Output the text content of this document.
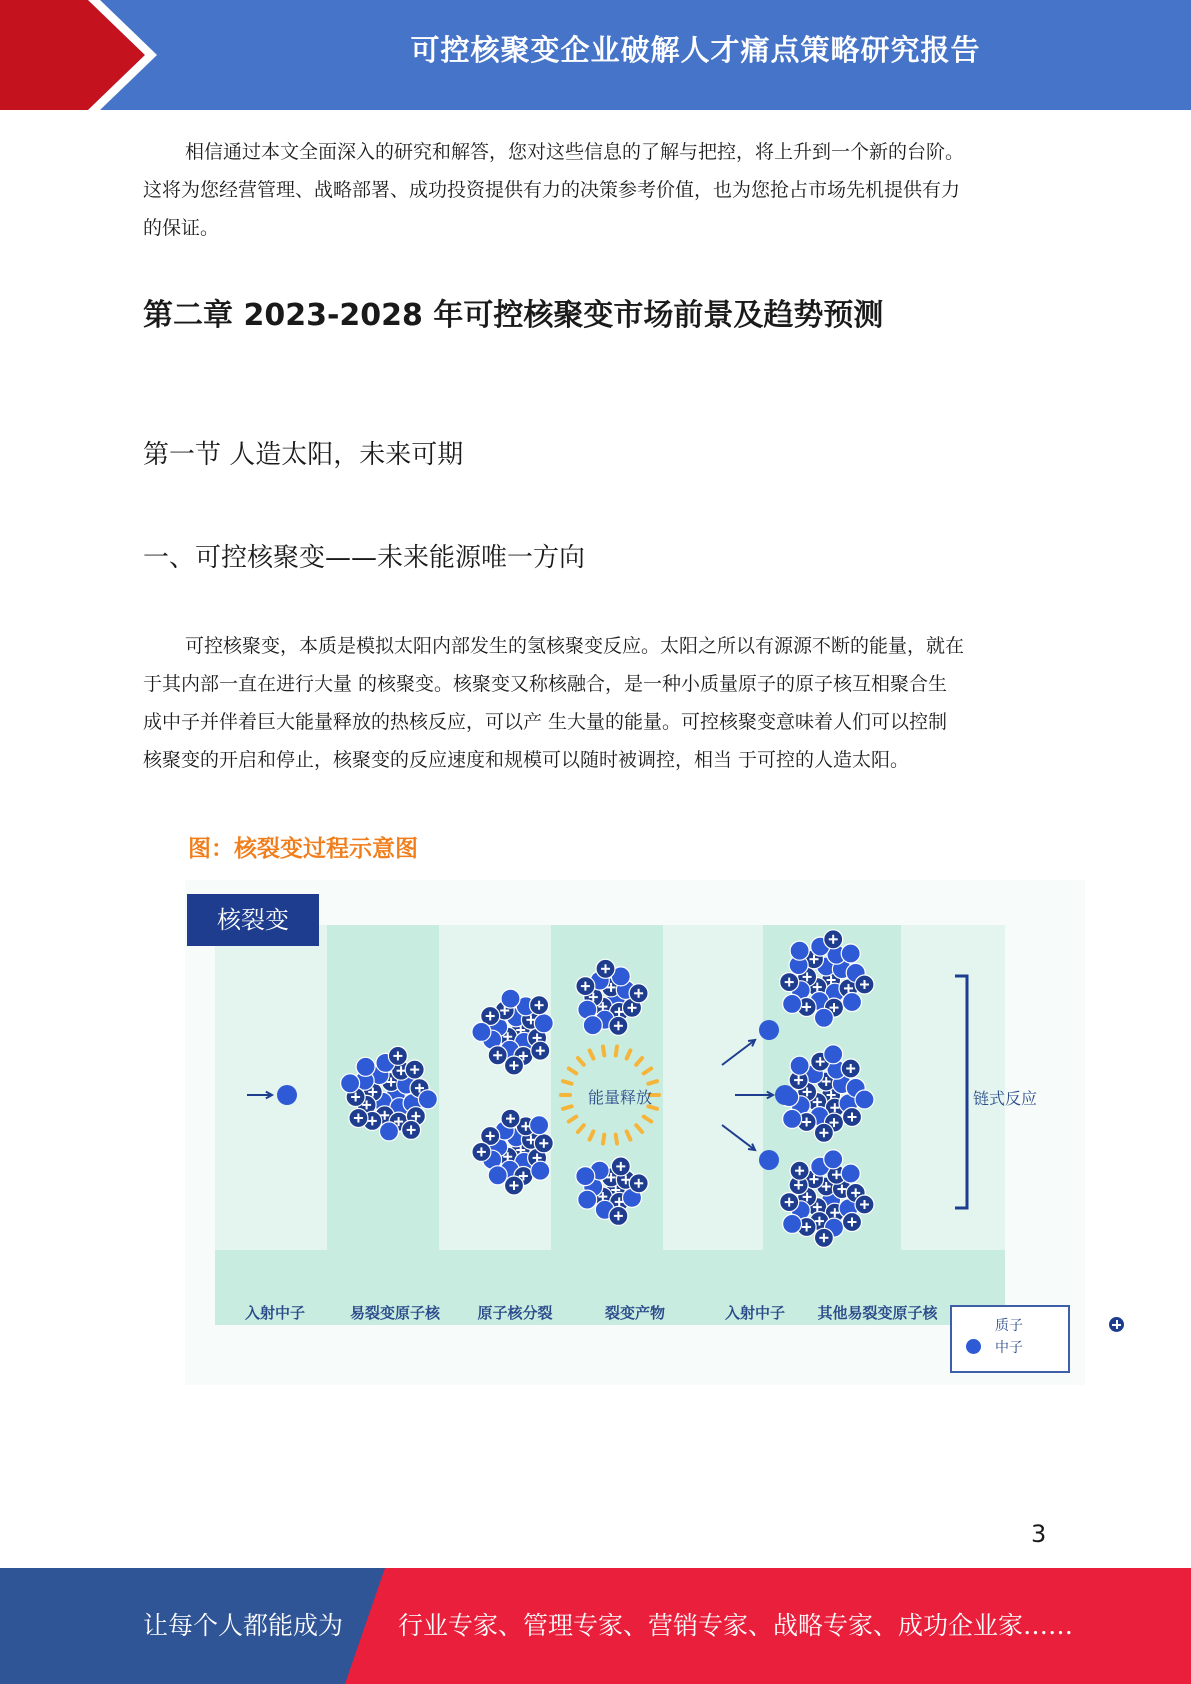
可控核聚变企业破解人才痛点策略研究报告
相信通过本文全面深入的研究和解答，您对这些信息的了解与把控，将上升到一个新的台阶。
这将为您经营管理、战略部署、成功投资提供有力的决策参考价值，也为您抢占市场先机提供有力
的保证。
第二章 2023-2028 年可控核聚变市场前景及趋势预测
第一节 人造太阳，未来可期
一、可控核聚变——未来能源唯一方向
可控核聚变，本质是模拟太阳内部发生的氢核聚变反应。太阳之所以有源源不断的能量，就在
于其内部一直在进行大量 的核聚变。核聚变又称核融合，是一种小质量原子的原子核互相聚合生
成中子并伴着巨大能量释放的热核反应，可以产 生大量的能量。可控核聚变意味着人们可以控制
核聚变的开启和停止，核聚变的反应速度和规模可以随时被调控，相当 于可控的人造太阳。
图：核裂变过程示意图
核裂变
入射中子	易裂变原子核	原子核分裂	裂变产物	入射中子	其他易裂变原子核
能量释放	链式反应
质子
中子
3
让每个人都能成为 行业专家、管理专家、营销专家、战略专家、成功企业家……
